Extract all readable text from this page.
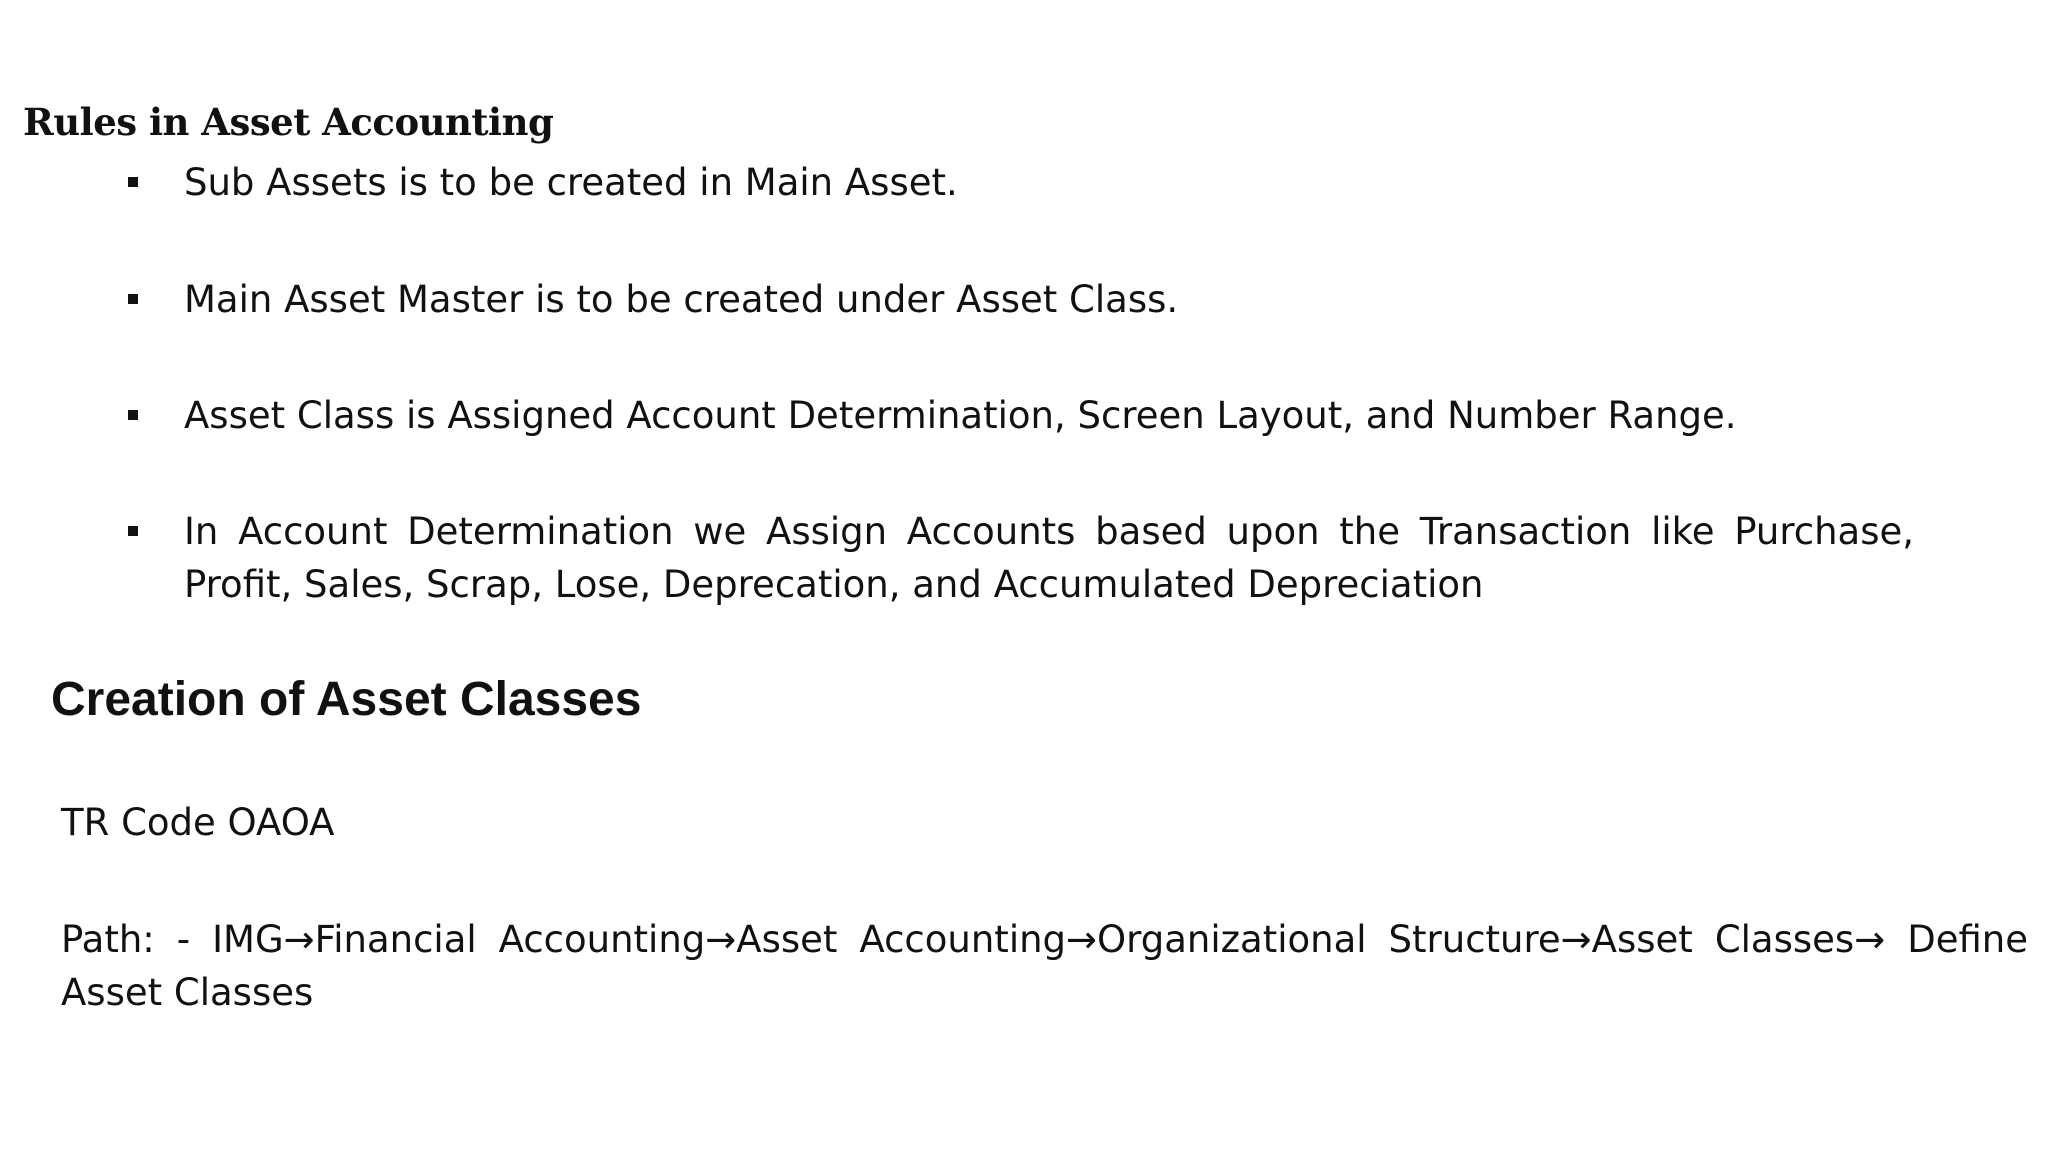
Rules in Asset Accounting
Sub Assets is to be created in Main Asset.
Main Asset Master is to be created under Asset Class.
Asset Class is Assigned Account Determination, Screen Layout, and Number Range.
In Account Determination we Assign Accounts based upon the Transaction like Purchase, Profit, Sales, Scrap, Lose, Deprecation, and Accumulated Depreciation
Creation of Asset Classes

TR Code OAOA

Path: - IMG→Financial Accounting→Asset Accounting→Organizational Structure→Asset Classes→ Define Asset Classes
